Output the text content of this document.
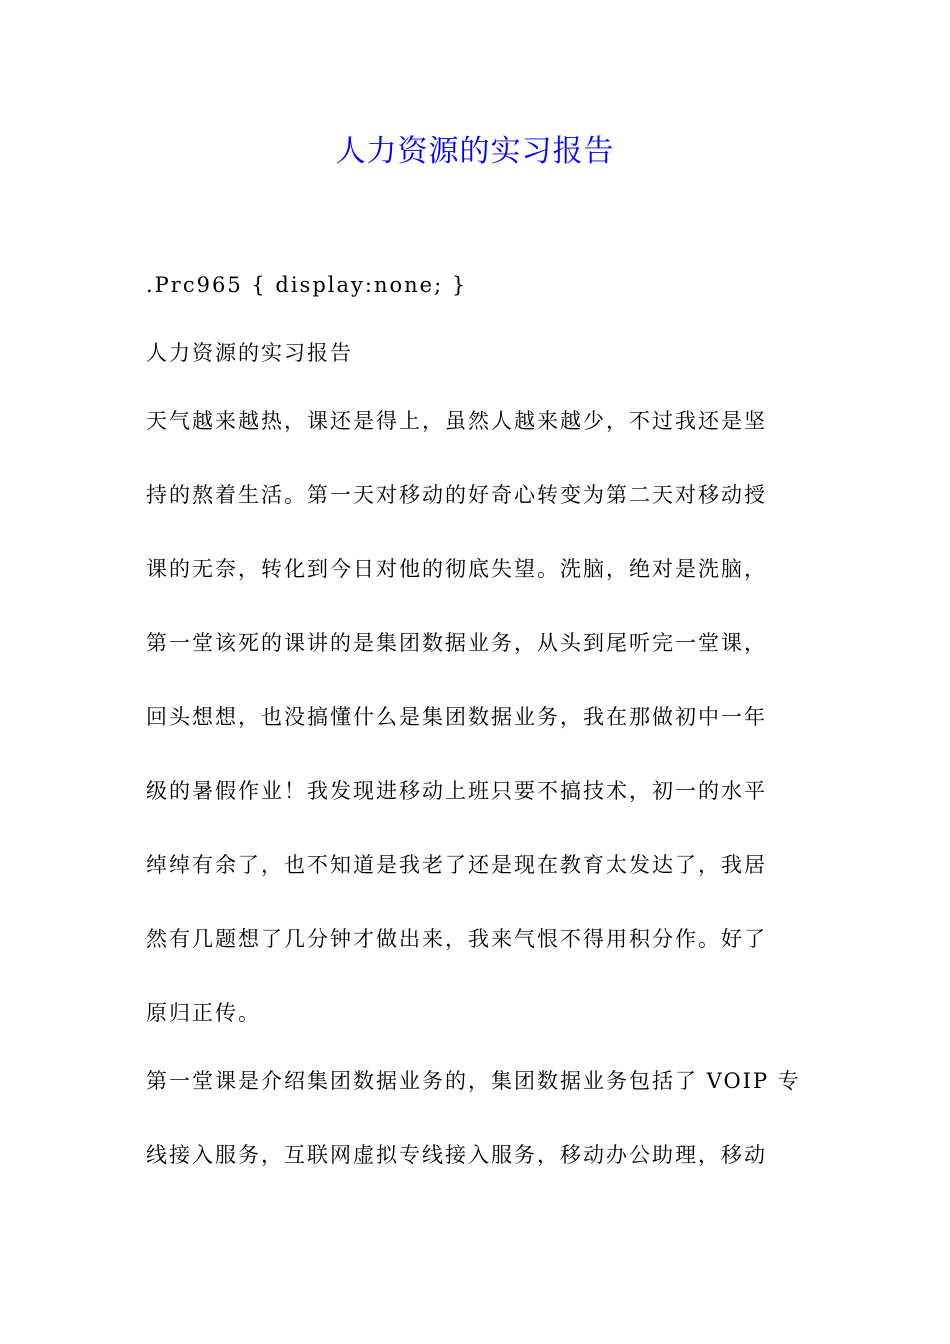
人力资源的实习报告
.Prc965 { display:none; }
人力资源的实习报告
天气越来越热，课还是得上，虽然人越来越少，不过我还是坚
持的熬着生活。第一天对移动的好奇心转变为第二天对移动授
课的无奈，转化到今日对他的彻底失望。洗脑，绝对是洗脑，
第一堂该死的课讲的是集团数据业务，从头到尾听完一堂课，
回头想想，也没搞懂什么是集团数据业务，我在那做初中一年
级的暑假作业！我发现进移动上班只要不搞技术，初一的水平
绰绰有余了，也不知道是我老了还是现在教育太发达了，我居
然有几题想了几分钟才做出来，我来气恨不得用积分作。好了
原归正传。
第一堂课是介绍集团数据业务的，集团数据业务包括了 VOIP 专
线接入服务，互联网虚拟专线接入服务，移动办公助理，移动
